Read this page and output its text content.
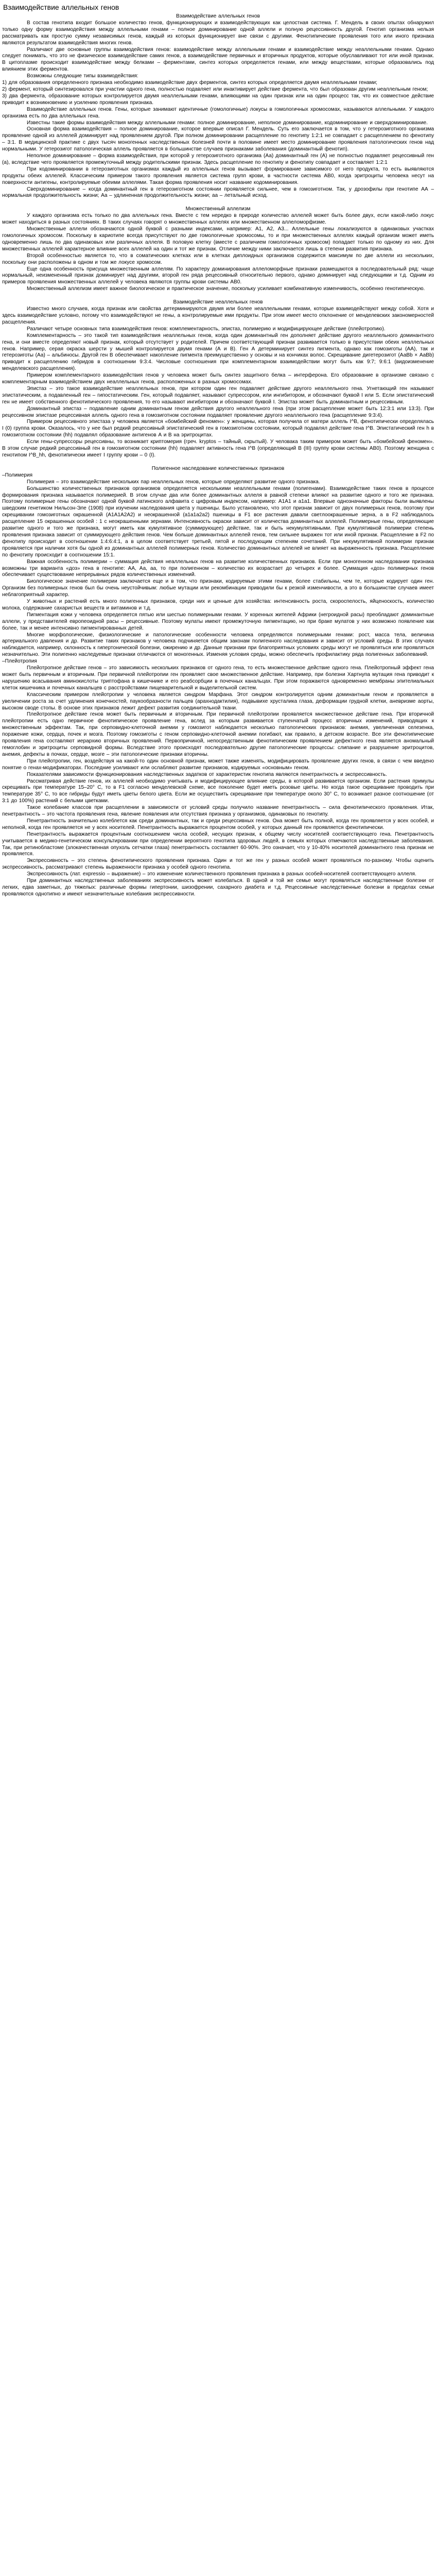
Взаимодействие аллельных генов
Взаимодействие аллельных генов

В состав генотипа входит большое количество генов, функционирующих и взаимодействующих как целостная система. Г. Мендель в своих опытах обнаружил только одну форму взаимодействия между аллельными генами – полное доминирование одной аллели и полную рецессивность другой. Генотип организма нельзя рассматривать как простую сумму независимых генов, каждый из которых функционирует вне связи с другими. Фенотипические проявления того или иного признака являются результатом взаимодействия многих генов.

Различают две основные группы взаимодействия генов: взаимодействие между аллельными генами и взаимодействие между неаллельными генами. Однако следует понимать, что это не физическое взаимодействие самих генов, а взаимодействие первичных и вторичных продуктов, которые обуславливают тот или иной признак. В цитоплазме происходит взаимодействие между белками – ферментами, синтез которых определяется генами, или между веществами, которые образовались под влиянием этих ферментов.

Возможны следующие типы взаимодействия:

1) для образования определенного признака необходимо взаимодействие двух ферментов, синтез которых определяется двумя неаллельными генами;

2) фермент, который синтезировался при участии одного гена, полностью подавляет или инактивирует действие фермента, что был образован другим неаллельным геном;

3) два фермента, образование которых контролируется двумя неаллельными генами, влияющими на один признак или на один процесс так, что их совместное действие приводит к возникновению и усилению проявления признака.

Взаимодействие аллельных генов. Гены, которые занимают идентичные (гомологичные) локусы в гомологичных хромосомах, называются аллельными. У каждого организма есть по два аллельных гена.

Известны такие формы взаимодействия между аллельными генами: полное доминирование, неполное доминирование, кодоминирование и сверхдоминирование.

Основная форма взаимодействия – полное доминирование, которое впервые описал Г. Мендель. Суть его заключается в том, что у гетерозиготного организма проявление одной из аллелей доминирует над проявлением другой. При полном доминировании расщепление по генотипу 1:2:1 не совпадает с расщеплением по фенотипу – 3:1. В медицинской практике с двух тысяч моногенных наследственных болезней почти в половине имеет место доминирование проявления патологических генов над нормальными. У гетерозигот патологическая аллель проявляется в большинстве случаев признаками заболевания (доминантный фенотип).

Неполное доминирование – форма взаимодействия, при которой у гетерозиготного организма (Аа) доминантный ген (А) не полностью подавляет рецессивный ген (а), вследствие чего проявляется промежуточный между родительскими признак. Здесь расщепление по генотипу и фенотипу совпадает и составляет 1:2:1

При кодоминировании в гетерозиготных организмах каждый из аллельных генов вызывает формирование зависимого от него продукта, то есть выявляются продукты обеих аллелей. Классическим примером такого проявления является система групп крови, в частности система АВ0, когда эритроциты человека несут на поверхности антигены, контролируемые обеими аллелями. Такая форма проявления носит название кодоминирования.

Сверхдоминирование – когда доминантный ген в гетерозиготном состоянии проявляется сильнее, чем в гомозиготном. Так, у дрозофилы при генотипе АА – нормальная продолжительность жизни; Аа – удлиненная продолжительность жизни; аа – летальный исход.

Множественный аллелизм

У каждого организма есть только по два аллельных гена. Вместе с тем нередко в природе количество аллелей может быть более двух, если какой-либо локус может находиться в разных состояниях. В таких случаях говорят о множественных аллелях или множественном аллеломорфизме.

Множественные аллели обозначаются одной буквой с разными индексами, например: А1, А2, А3... Аллельные гены локализуются в одинаковых участках гомологичных хромосом. Поскольку в кариотипе всегда присутствуют по две гомологичные хромосомы, то и при множественных аллелях каждый организм может иметь одновременно лишь по два одинаковых или различных аллеля. В половую клетку (вместе с различием гомологичных хромосом) попадает только по одному из них. Для множественных аллелей характерное влияние всех аллелей на один и тот же признак. Отличие между ними заключается лишь в степени развития признака.

Второй особенностью является то, что в соматических клетках или в клетках диплоидных организмов содержится максимум по две аллели из нескольких, поскольку они расположены в одном и том же локусе хромосом.

Еще одна особенность присуща множественным аллелям. По характеру доминирования аллеломорфные признаки размещаются в последовательный ряд: чаще нормальный, неизмененный признак доминирует над другими, второй ген ряда рецессивный относительно первого, однако доминирует над следующими и т.д. Одним из примеров проявления множественных аллелей у человека являются группы крови системы АВ0.

Множественный аллелизм имеет важное биологическое и практическое значение, поскольку усиливает комбинативную изменчивость, особенно генотипическую.

Взаимодействие неаллельных генов

Известно много случаев, когда признак или свойства детерминируются двумя или более неаллельными генами, которые взаимодействуют между собой. Хотя и здесь взаимодействие условно, потому что взаимодействуют не гены, а контролируемые ими продукты. При этом имеет место отклонение от менделевских закономерностей расщепления.

Различают четыре основных типа взаимодействия генов: комплементарность, эпистаз, полимерию и модифицирующее действие (плейотропию).

Комплементарность – это такой тип взаимодействия неаллельных генов, когда один доминантный ген дополняет действие другого неаллельного доминантного гена, и они вместе определяют новый признак, который отсутствует у родителей. Причем соответствующий признак развивается только в присутствии обеих неаллельных генов. Например, серая окраска шерсти у мышей контролируется двумя генами (А и В). Ген А детерминирует синтез пигмента, однако как гомозиготы (АА), так и гетерозиготы (Аа) – альбиносы. Другой ген В обеспечивает накопление пигмента преимущественно у основы и на кончиках волос. Скрещивание дигетерозигот (АаВb × АаВb) приводит к расщеплению гибридов в соотношении 9:3:4. Числовые соотношения при комплементарном взаимодействии могут быть как 9:7; 9:6:1 (видоизменение менделевского расщепления).

Примером комплементарного взаимодействия генов у человека может быть синтез защитного белка – интерферона. Его образование в организме связано с комплементарным взаимодействием двух неаллельных генов, расположенных в разных хромосомах.

Эпистаз – это такое взаимодействие неаллельных генов, при котором один ген подавляет действие другого неаллельного гена. Угнетающий ген называют эпистатическим, а подавленный ген – гипостатическим. Ген, который подавляет, называют супрессором, или ингибитором, и обозначают буквой I или S. Если эпистатический ген не имеет собственного фенотипического проявления, то его называют ингибитором и обозначают буквой I. Эпистаз может быть доминантным и рецессивным.

Доминантный эпистаз – подавление одним доминантным геном действия другого неаллельного гена (при этом расщепление может быть 12:3:1 или 13:3). При рецессивном эпистазе рецессивная аллель одного гена в гомозиготном состоянии подавляет проявление другого неаллельного гена (расщепление 9:3:4).

Примером рецессивного эпистаза у человека является «бомбейский феномен»: у женщины, которая получила от матери аллель I^B, фенотипически определялась I (0) группа крови. Оказалось, что у нее был редкий рецессивный эпистатический ген в гомозиготном состоянии, который подавлял действие гена I^B. Эпистатический ген h в гомозиготном состоянии (hh) подавлял образование антигенов А и В на эритроцитах.

Если гены-супрессоры рецессивны, то возникает криптомерия (греч. kryptos – тайный, скрытый). У человака таким примером может быть «бомбейский феномен». В этом случае редкий рецессивный ген в гомозиготном состоянии (hh) подавляет активность гена I^B (определяющий В (III) группу крови системы АВ0). Поэтому женщина с генотипом I^B_hh, фенотипически имеет I группу крови – 0 (I).

Полигенное наследование количественных признаков

–Полимерия

Полимерия – это взаимодействие нескольких пар неаллельных генов, которые определяют развитие одного признака.

Большинство количественных признаков организмов определяется несколькими неаллельными генами (полигенами). Взаимодействие таких генов в процессе формирования признака называется полимерией. В этом случае два или более доминантных аллеля в равной степени влияют на развитие одного и того же признака. Поэтому полимерные гены обозначают одной буквой латинского алфавита с цифровым индексом, например: A1A1 и a1a1. Впервые однозначные факторы были выявлены шведским генетиком Нильсон-Эле (1908) при изучении наследования цвета у пшеницы. Было установлено, что этот признак зависит от двух полимерных генов, поэтому при скрещивании гомозиготных окрашенной (A1A1A2A2) и неокрашенной (a1a1a2a2) пшеницы в F1 все растения давали светлоокрашенные зерна, а в F2 наблюдалось расщепление 15 окрашенных особей : 1 с неокрашенными зернами. Интенсивность окраски зависит от количества доминантных аллелей. Полимерные гены, определяющие развитие одного и того же признака, могут иметь как кумулятивное (суммирующее) действие, так и быть некумулятивными. При кумулятивной полимерии степень проявления признака зависит от суммирующего действия генов. Чем больше доминантных аллелей генов, тем сильнее выражен тот или иной признак. Расщепление в F2 по фенотипу происходит в соотношении 1:4:6:4:1, а в целом соответствует третьей, пятой и последующим степеням сочетаний. При некумулятивной полимерии признак проявляется при наличии хотя бы одной из доминантных аллелей полимерных генов. Количество доминантных аллелей не влияет на выраженность признака. Расщепление по фенотипу происходит в соотношении 15:1.

Важная особенность полимерии – суммация действия неаллельных генов на развитие количественных признаков. Если при моногенном наследовании признака возможны три варианта «доз» гена в генотипе: АА, Аа, аа, то при полигенном – количество их возрастает до четырех и более. Суммация «доз» полимерных генов обеспечивает существование непрерывных рядов количественных изменений.

Биологическое значение полимерии заключается еще и в том, что признаки, кодируемые этими генами, более стабильны, чем те, которые кодирует один ген. Организм без полимерных генов был бы очень неустойчивым: любые мутации или рекомбинации приводили бы к резкой изменчивости, а это в большинстве случаев имеет неблагоприятный характер.

У животных и растений есть много полигенных признаков, среди них и ценные для хозяйства: интенсивность роста, скороспелость, яйценоскость, количество молока, содержание сахаристых веществ и витаминов и т.д.

Пигментация кожи у человека определяется пятью или шестью полимерными генами. У коренных жителей Африки (негроидной расы) преобладают доминантные аллели, у представителей европеоидной расы – рецессивные. Поэтому мулаты имеют промежуточную пигментацию, но при браке мулатов у них возможно появление как более, так и менее интенсивно пигментированных детей.

Многие морфологические, физиологические и патологические особенности человека определяются полимерными генами: рост, масса тела, величина артериального давления и др. Развитие таких признаков у человека подчиняется общим законам полигенного наследования и зависит от условий среды. В этих случаях наблюдается, например, склонность к гипертонической болезни, ожирению и др. Данные признаки при благоприятных условиях среды могут не проявляться или проявляться незначительно. Эти полигенно наследуемые признаки отличаются от моногенных. Изменяя условия среды, можно обеспечить профилактику ряда полигенных заболеваний.

–Плейотропия

Плейотропное действие генов – это зависимость нескольких признаков от одного гена, то есть множественное действие одного гена. Плейотропный эффект гена может быть первичным и вторичным. При первичной плейотропии ген проявляет свое множественное действие. Например, при болезни Хартнупа мутация гена приводит к нарушению всасывания аминокислоты триптофана в кишечнике и его реабсорбции в почечных канальцах. При этом поражаются одновременно мембраны эпителиальных клеток кишечника и почечных канальцев с расстройствами пищеварительной и выделительной систем.

Классическим примером плейотропии у человека является синдром Марфана. Этот синдром контролируется одним доминантным геном и проявляется в увеличении роста за счет удлинения конечностей, паукообразности пальцев (арахнодактилия), подвывихе хрусталика глаза, деформации грудной клетки, аневризме аорты, высоком своде стопы. В основе этих признаков лежит дефект развития соединительной ткани.

Плейотропное действие генов может быть первичным и вторичным. При первичной плейотропии проявляется множественное действие гена. При вторичной плейотропии есть одно первичное фенотипическое проявление гена, вслед за которым развивается ступенчатый процесс вторичных изменений, приводящих к множественным эффектам. Так, при серповидно-клеточной анемии у гомозигот наблюдается несколько патологических признаков: анемия, увеличенная селезенка, поражение кожи, сердца, почек и мозга. Поэтому гомозиготы с геном серповидно-клеточной анемии погибают, как правило, в детском возрасте. Все эти фенотипические проявления гена составляют иерархию вторичных проявлений. Первопричиной, непосредственным фенотипическим проявлением дефектного гена является аномальный гемоглобин и эритроциты серповидной формы. Вследствие этого происходят последовательно другие патологические процессы: слипание и разрушение эритроцитов, анемия, дефекты в почках, сердце, мозге – эти патологические признаки вторичны.

При плейотропии, ген, воздействуя на какой-то один основной признак, может также изменять, модифицировать проявление других генов, в связи с чем введено понятие о генах-модификаторах. Последние усиливают или ослабляют развитие признаков, кодируемых «основным» геном.

Показателями зависимости функционирования наследственных задатков от характеристик генотипа являются пенетрантность и экспрессивность.

Рассматривая действие генов, их аллелей необходимо учитывать и модифицирующее влияние среды, в которой развивается организм. Если растения примулы скрещивать при температуре 15–20° С, то в F1 согласно менделевской схеме, все поколение будет иметь розовые цветы. Но когда такое скрещивание проводить при температуре 35° С, то все гибриды будут иметь цветы белого цвета. Если же осуществить скрещивание при температуре около 30° С, то возникает разное соотношение (от 3:1 до 100%) растений с белыми цветками.

Такое колебание классов при расщеплении в зависимости от условий среды получило название пенетрантность – сила фенотипического проявления. Итак, пенетрантность – это частота проявления гена, явление появления или отсутствия признака у организмов, одинаковых по генотипу.

Пенетрантность значительно колеблется как среди доминантных, так и среди рецессивных генов. Она может быть полной, когда ген проявляется у всех особей, и неполной, когда ген проявляется не у всех носителей. Пенетрантность выражается процентом особей, у которых данный ген проявляется фенотипически.

Пенетрантность выражается процентным соотношением числа особей, несущих признак, к общему числу носителей соответствующего гена. Пенетрантность учитывается в медико-генетическом консультировании при определении вероятного генотипа здоровых людей, в семьях которых отмечаются наследственные заболевания. Так, при ретинобластоме (злокачественная опухоль сетчатки глаза) пенетрантность составляет 60-90%. Это означает, что у 10-40% носителей доминантного гена признак не проявляется.

Экспрессивность – это степень фенотипического проявления признака. Один и тот же ген у разных особей может проявляться по-разному. Чтобы оценить экспрессивность, рассматривают степень выраженности признака у особей одного генотипа.

Экспрессивность (лат. expressio – выражение) – это изменение количественного проявления признака в разных особей-носителей соответствующего аллеля.

При доминантных наследственных заболеваниях экспрессивность может колебаться. В одной и той же семье могут проявляться наследственные болезни от легких, едва заметных, до тяжелых: различные формы гипертонии, шизофрении, сахарного диабета и т.д. Рецессивные наследственные болезни в пределах семьи проявляются однотипно и имеют незначительные колебания экспрессивности.
